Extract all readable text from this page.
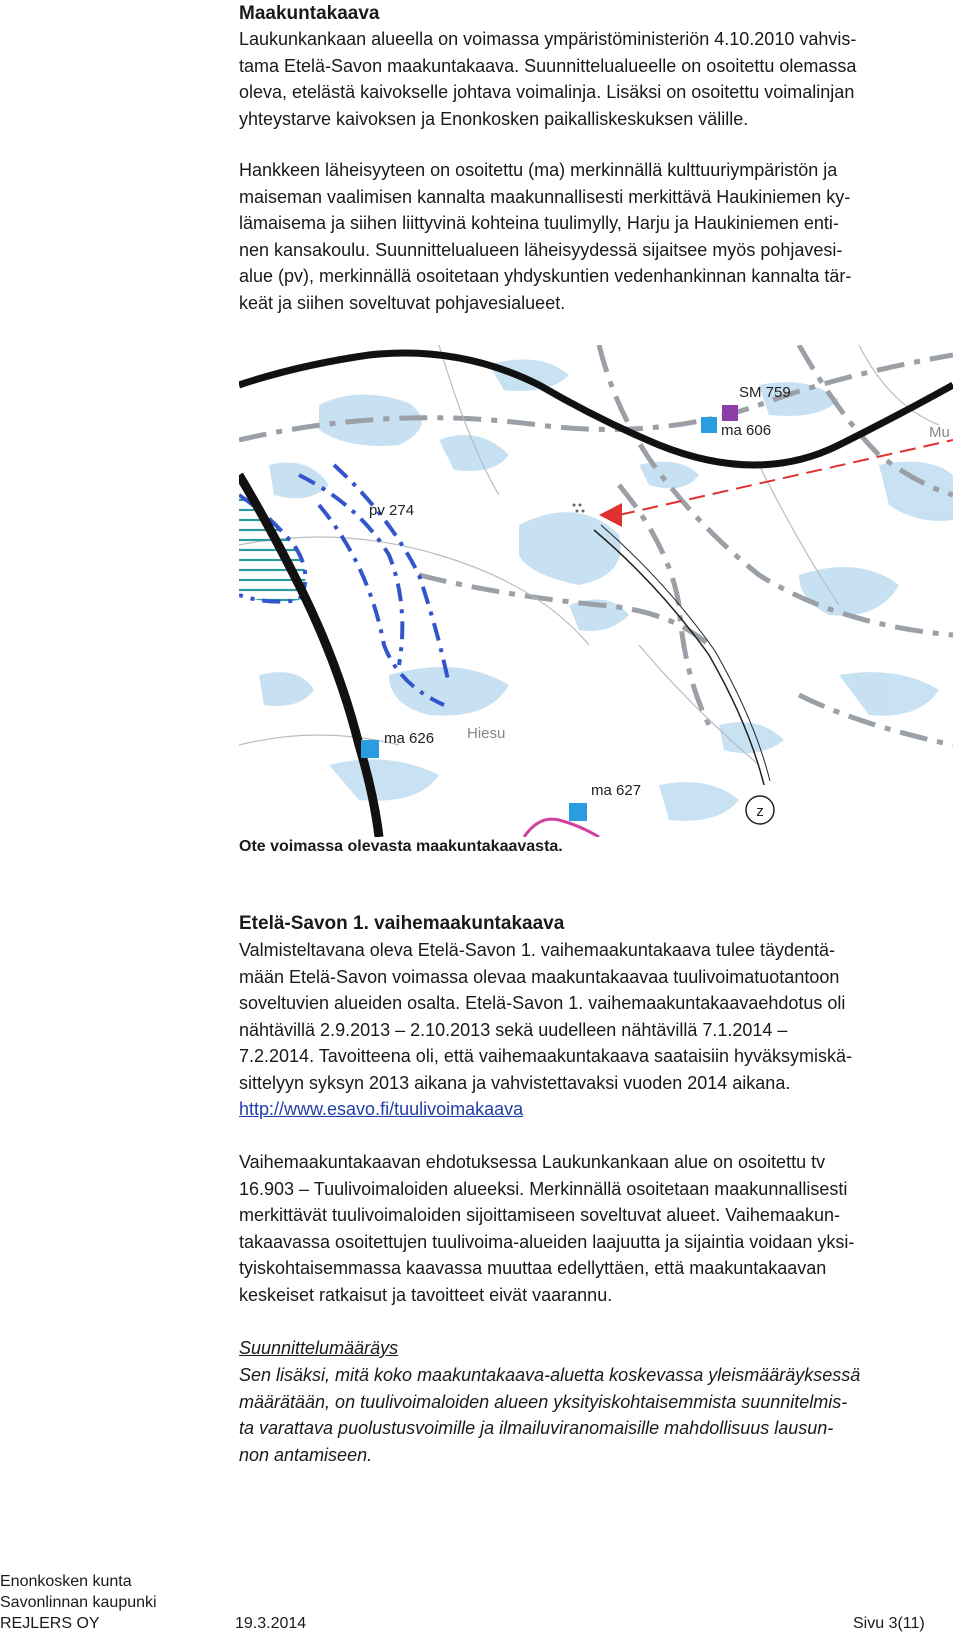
Maakuntakaava

Laukunkankaan alueella on voimassa ympäristöministeriön 4.10.2010 vahvis-
tama Etelä-Savon maakuntakaava. Suunnittelualueelle on osoitettu olemassa
oleva, etelästä kaivokselle johtava voimalinja. Lisäksi on osoitettu voimalinjan
yhteystarve kaivoksen ja Enonkosken paikalliskeskuksen välille.

Hankkeen läheisyyteen on osoitettu (ma) merkinnällä kulttuuriympäristön ja
maiseman vaalimisen kannalta maakunnallisesti merkittävä Haukiniemen ky-
lämaisema ja siihen liittyvinä kohteina tuulimylly, Harju ja Haukiniemen enti-
nen kansakoulu. Suunnittelualueen läheisyydessä sijaitsee myös pohjavesi-
alue (pv), merkinnällä osoitetaan yhdyskuntien vedenhankinnan kannalta tär-
keät ja siihen soveltuvat pohjavesialueet.

z
SM 759
ma 606	Mu
pv 274
ma 626 Hiesu
ma 627

Ote voimassa olevasta maakuntakaavasta.

Etelä-Savon 1. vaihemaakuntakaava

Valmisteltavana oleva Etelä-Savon 1. vaihemaakuntakaava tulee täydentä-
mään Etelä-Savon voimassa olevaa maakuntakaavaa tuulivoimatuotantoon
soveltuvien alueiden osalta. Etelä-Savon 1. vaihemaakuntakaavaehdotus oli
nähtävillä 2.9.2013 – 2.10.2013 sekä uudelleen nähtävillä 7.1.2014 –
7.2.2014. Tavoitteena oli, että vaihemaakuntakaava saataisiin hyväksymiskä-
sittelyyn syksyn 2013 aikana ja vahvistettavaksi vuoden 2014 aikana.

http://www.esavo.fi/tuulivoimakaava

Vaihemaakuntakaavan ehdotuksessa Laukunkankaan alue on osoitettu tv
16.903 – Tuulivoimaloiden alueeksi. Merkinnällä osoitetaan maakunnallisesti
merkittävät tuulivoimaloiden sijoittamiseen soveltuvat alueet. Vaihemaakun-
takaavassa osoitettujen tuulivoima-alueiden laajuutta ja sijaintia voidaan yksi-
tyiskohtaisemmassa kaavassa muuttaa edellyttäen, että maakuntakaavan
keskeiset ratkaisut ja tavoitteet eivät vaarannu.

Suunnittelumääräys

Sen lisäksi, mitä koko maakuntakaava-aluetta koskevassa yleismääräyksessä
määrätään, on tuulivoimaloiden alueen yksityiskohtaisemmista suunnitelmis-
ta varattava puolustusvoimille ja ilmailuviranomaisille mahdollisuus lausun-
non antamiseen.

Enonkosken kunta
Savonlinnan kaupunki
REJLERS OY	19.3.2014	Sivu 3(11)
